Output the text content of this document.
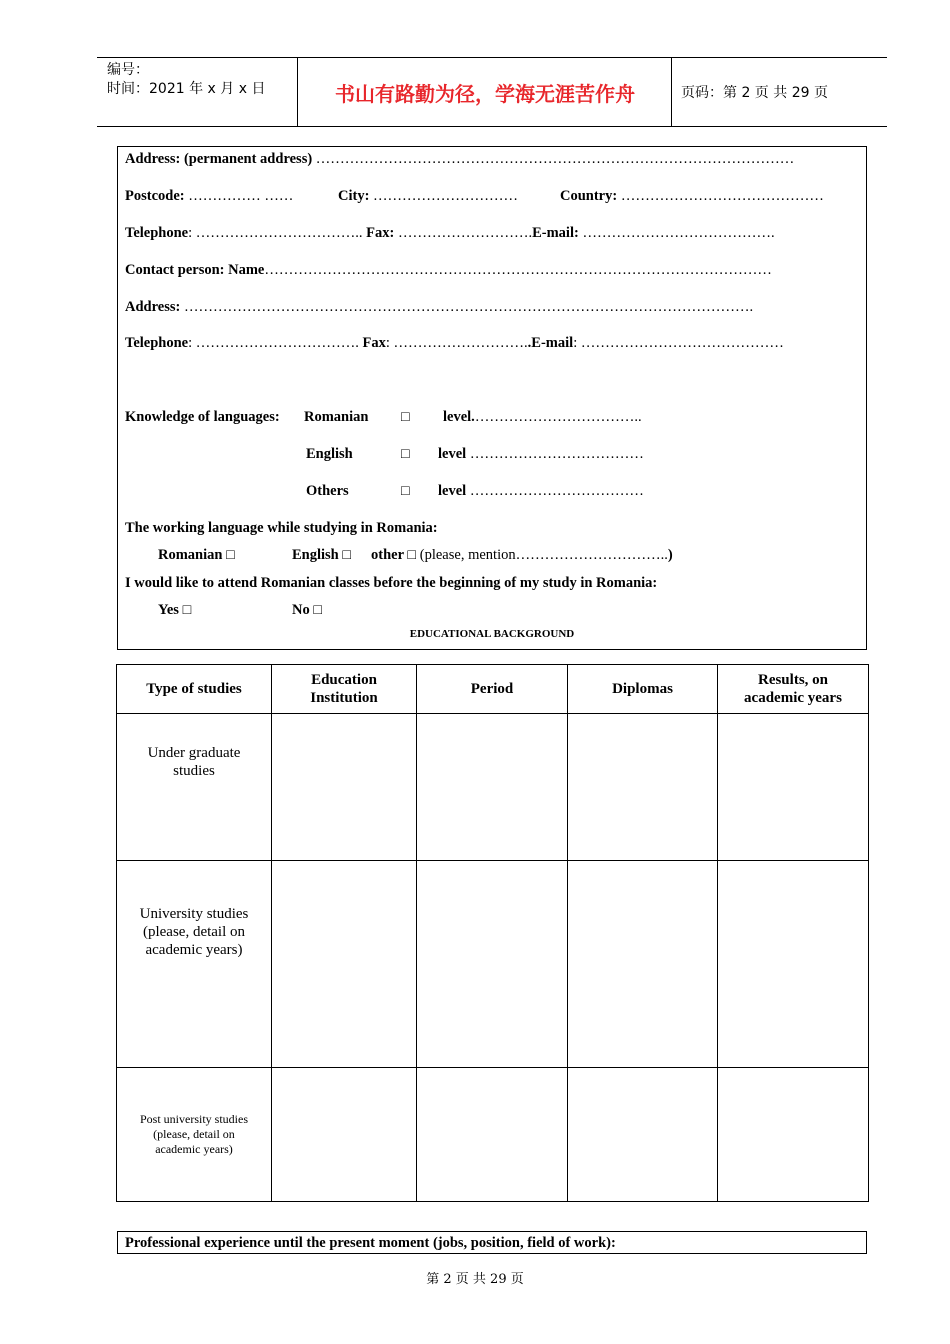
编号：
时间：2021 年 x 月 x 日	书山有路勤为径，学海无涯苦作舟	页码：第 2 页 共 29 页
Address: (permanent address) ………………………………………………………………………………………
Postcode: …………… ……	City: …………………………	Country: ……………………………………
Telephone: …………………………….. Fax: ……………………….E-mail: ………………………………….
Contact person: Name……………………………………………………………………………………………
Address: ……………………………………………………………………………………………………….
Telephone: ……………………………. Fax: ………………………..E-mail: ……………………………………
Knowledge of languages: Romanian □ level.……………………………..
English	□ level ………………………………
Others	□ level ………………………………
The working language while studying in Romania:
Romanian □	English □ other □ (please, mention…………………………..)
I would like to attend Romanian classes before the beginning of my study in Romania:
Yes □	No □
EDUCATIONAL BACKGROUND
Type of studies	Education Institution	Period	Diplomas	Results, on academic years

Under graduate studies				

University studies (please, detail on academic years)				

Post university studies (please, detail on academic years)				

Professional experience until the present moment (jobs, position, field of work):
第 2 页 共 29 页
